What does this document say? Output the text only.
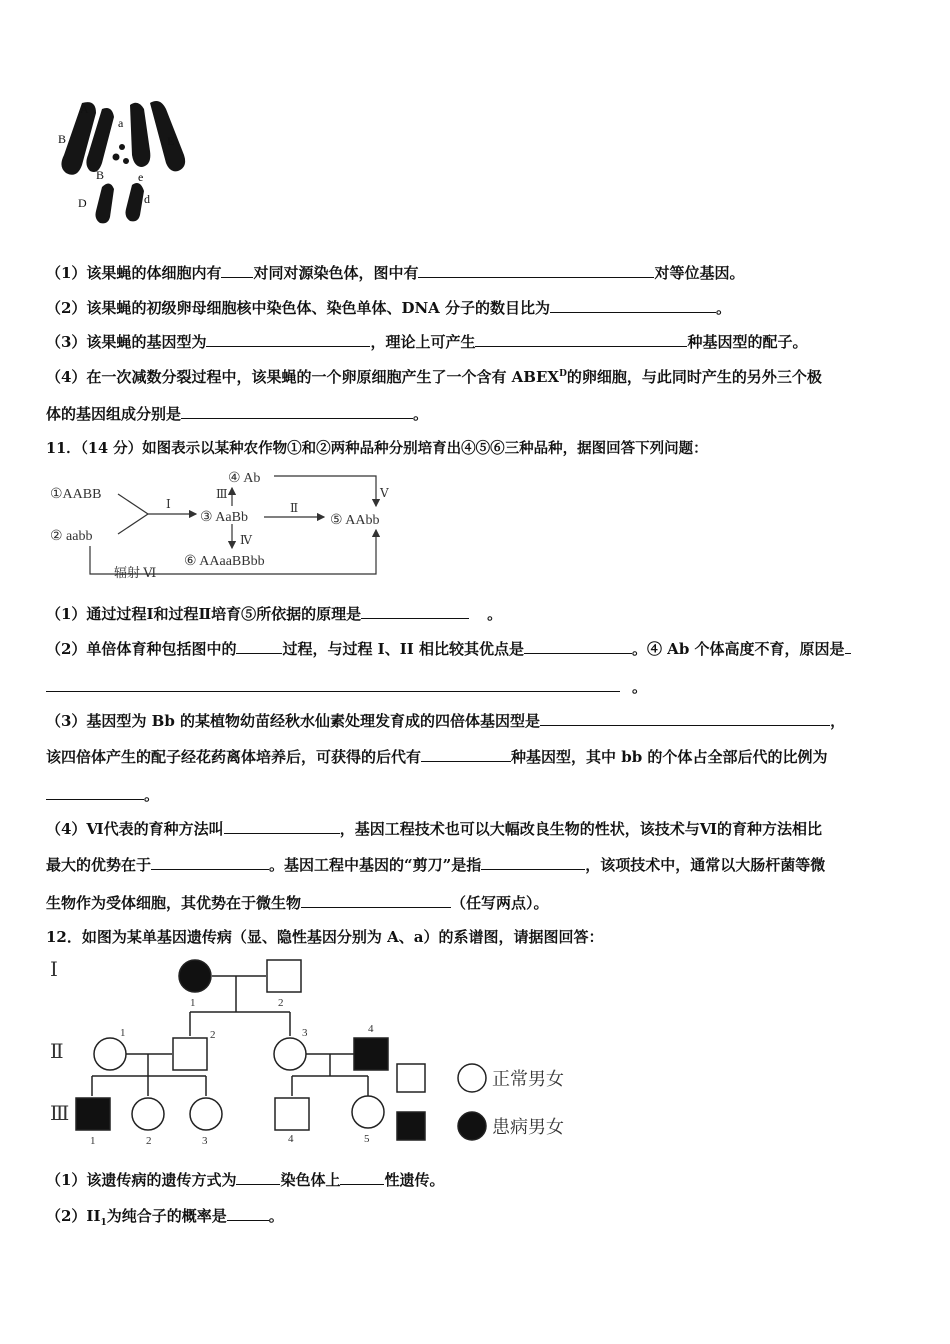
A
a
B	E
B	e
D	d
（1）该果蝇的体细胞内有 对同对源染色体，图中有	对等位基因。
（2）该果蝇的初级卵母细胞核中染色体、染色单体、DNA 分子的数目比为	。
（3）该果蝇的基因型为	，理论上可产生	种基因型的配子。
（4）在一次减数分裂过程中，该果蝇的一个卵原细胞产生了一个含有 $ABEX^D$的卵细胞，与此同时产生的另外三个极
体的基因组成分别是	。
11．（14 分）如图表示以某种农作物①和②两种品种分别培育出④⑤⑥三种品种，据图回答下列问题：
①AABB
② aabb
③ AaBb
④ Ab
⑤ AAbb
⑥ AAaaBBbb
Ⅰ	Ⅱ
Ⅲ
Ⅳ
Ⅴ
辐射 Ⅵ
（1）通过过程Ⅰ和过程Ⅱ培育⑤所依据的原理是	。
（2）单倍体育种包括图中的	过程，与过程 I、II 相比较其优点是	。④ Ab 个体高度不育，原因是
。
（3）基因型为 Bb 的某植物幼苗经秋水仙素处理发育成的四倍体基因型是	，
该四倍体产生的配子经花药离体培养后，可获得的后代有	种基因型，其中 bb 的个体占全部后代的比例为
。
（4）Ⅵ代表的育种方法叫	，基因工程技术也可以大幅改良生物的性状，该技术与Ⅵ的育种方法相比
最大的优势在于	。基因工程中基因的“剪刀”是指	，该项技术中，通常以大肠杆菌等微
生物作为受体细胞，其优势在于微生物	（任写两点）。
12．如图为某单基因遗传病（显、隐性基因分别为 A、a）的系谱图，请据图回答：
Ⅰ
Ⅱ
Ⅲ
1	2
1	2	3	4
1	2	3	4	5
正常男女
患病男女
（1）该遗传病的遗传方式为	染色体上	性遗传。
$(2)II_1$为纯合子的概率是	。
